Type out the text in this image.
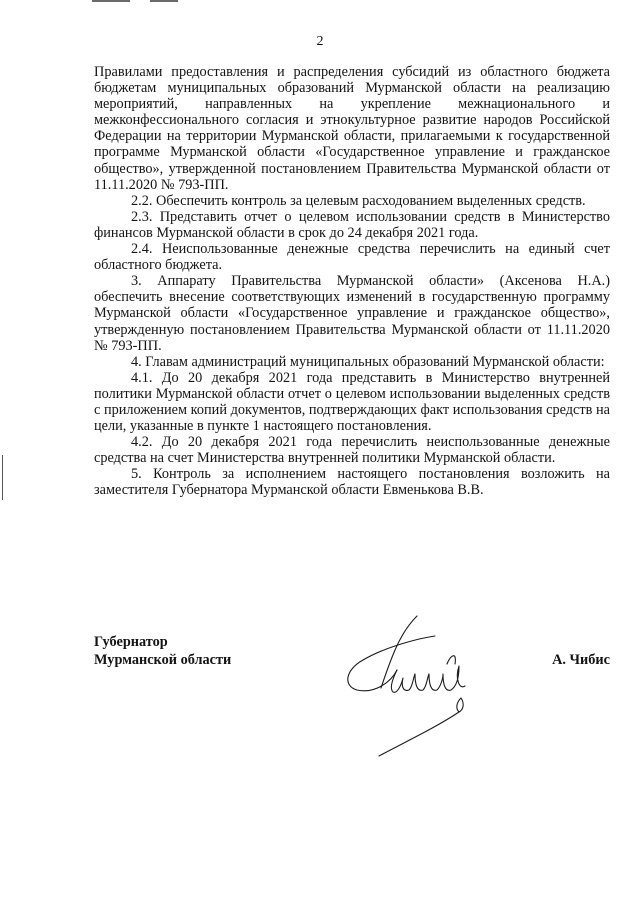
2

Правилами предоставления и распределения субсидий из областного бюджета бюджетам муниципальных образований Мурманской области на реализацию мероприятий, направленных на укрепление межнационального и межконфессионального согласия и этнокультурное развитие народов Российской Федерации на территории Мурманской области, прилагаемыми к государственной программе Мурманской области «Государственное управление и гражданское общество», утвержденной постановлением Правительства Мурманской области от 11.11.2020 № 793-ПП.

2.2. Обеспечить контроль за целевым расходованием выделенных средств.

2.3. Представить отчет о целевом использовании средств в Министерство финансов Мурманской области в срок до 24 декабря 2021 года.

2.4. Неиспользованные денежные средства перечислить на единый счет областного бюджета.

3. Аппарату Правительства Мурманской области» (Аксенова Н.А.) обеспечить внесение соответствующих изменений в государственную программу Мурманской области «Государственное управление и гражданское общество», утвержденную постановлением Правительства Мурманской области от 11.11.2020 № 793-ПП.

4. Главам администраций муниципальных образований Мурманской области:

4.1. До 20 декабря 2021 года представить в Министерство внутренней политики Мурманской области отчет о целевом использовании выделенных средств с приложением копий документов, подтверждающих факт использования средств на цели, указанные в пункте 1 настоящего постановления.

4.2. До 20 декабря 2021 года перечислить неиспользованные денежные средства на счет Министерства внутренней политики Мурманской области.

5. Контроль за исполнением настоящего постановления возложить на заместителя Губернатора Мурманской области Евменькова В.В.

Губернатор
Мурманской области	А. Чибис
